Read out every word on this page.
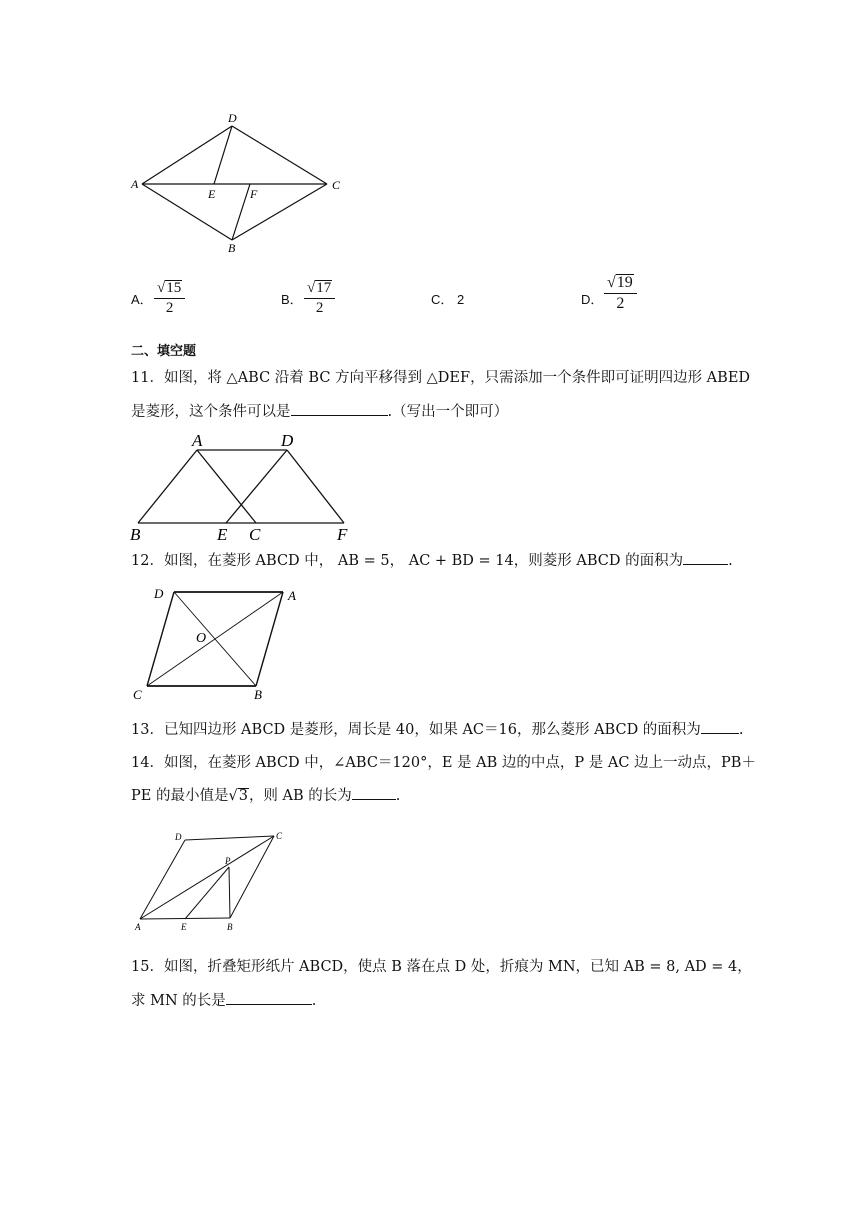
D
A	C
E	F
B
A．
√15
2
B．
√17
2
C． 2	D．
√19
2
二、填空题
11．如图，将 △ABC 沿着 BC 方向平移得到 △DEF，只需添加一个条件即可证明四边形 ABED
是菱形，这个条件可以是	.（写出一个即可）
A	D
B	E C	F
12．如图，在菱形 ABCD 中， AB = 5， AC + BD = 14，则菱形 ABCD 的面积为	.
D	A
O
C	B
13．已知四边形 ABCD 是菱形，周长是 40，如果 AC＝16，那么菱形 ABCD 的面积为	.
14．如图，在菱形 ABCD 中，∠ABC＝120°，E 是 AB 边的中点，P 是 AC 边上一动点，PB＋
PE 的最小值是√3，则 AB 的长为	.
D	C
P
A	E	B
15．如图，折叠矩形纸片 ABCD，使点 B 落在点 D 处，折痕为 MN，已知 AB = 8, AD = 4，
求 MN 的长是	.
